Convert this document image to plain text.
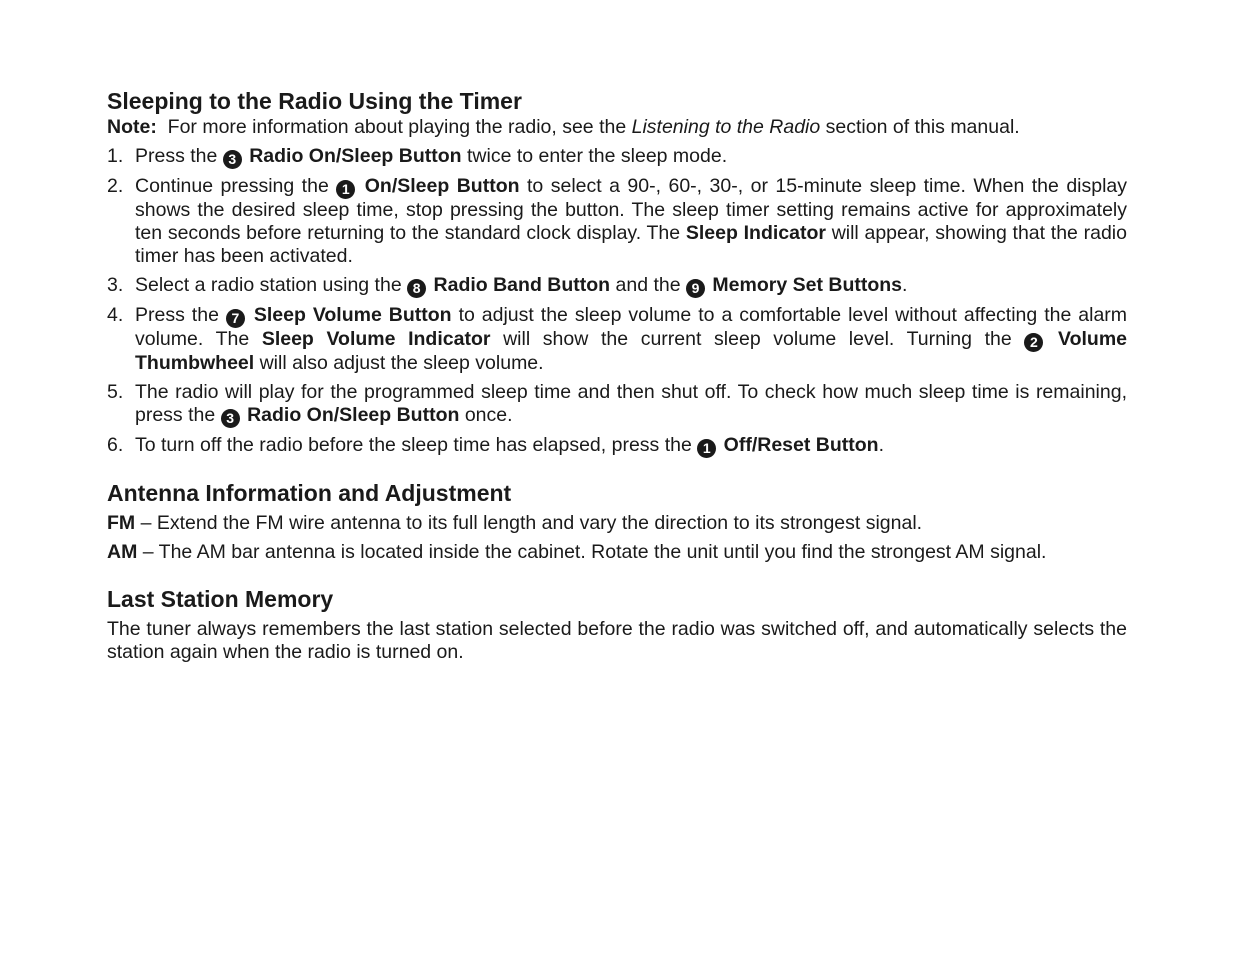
Sleeping to the Radio Using the Timer

Note: For more information about playing the radio, see the Listening to the Radio section of this manual.

1. Press the 3 Radio On/Sleep Button twice to enter the sleep mode.
2. Continue pressing the 1 On/Sleep Button to select a 90-, 60-, 30-, or 15-minute sleep time. When the display shows the desired sleep time, stop pressing the button. The sleep timer setting remains active for approximately ten seconds before returning to the standard clock display. The Sleep Indicator will appear, showing that the radio timer has been activated.
3. Select a radio station using the 8 Radio Band Button and the 9 Memory Set Buttons.
4. Press the 7 Sleep Volume Button to adjust the sleep volume to a comfortable level without affecting the alarm volume. The Sleep Volume Indicator will show the current sleep volume level. Turning the 2 Volume Thumbwheel will also adjust the sleep volume.
5. The radio will play for the programmed sleep time and then shut off. To check how much sleep time is remaining, press the 3 Radio On/Sleep Button once.
6. To turn off the radio before the sleep time has elapsed, press the 1 Off/Reset Button.
Antenna Information and Adjustment

FM – Extend the FM wire antenna to its full length and vary the direction to its strongest signal.

AM – The AM bar antenna is located inside the cabinet. Rotate the unit until you find the strongest AM signal.

Last Station Memory

The tuner always remembers the last station selected before the radio was switched off, and automatically selects the station again when the radio is turned on.
